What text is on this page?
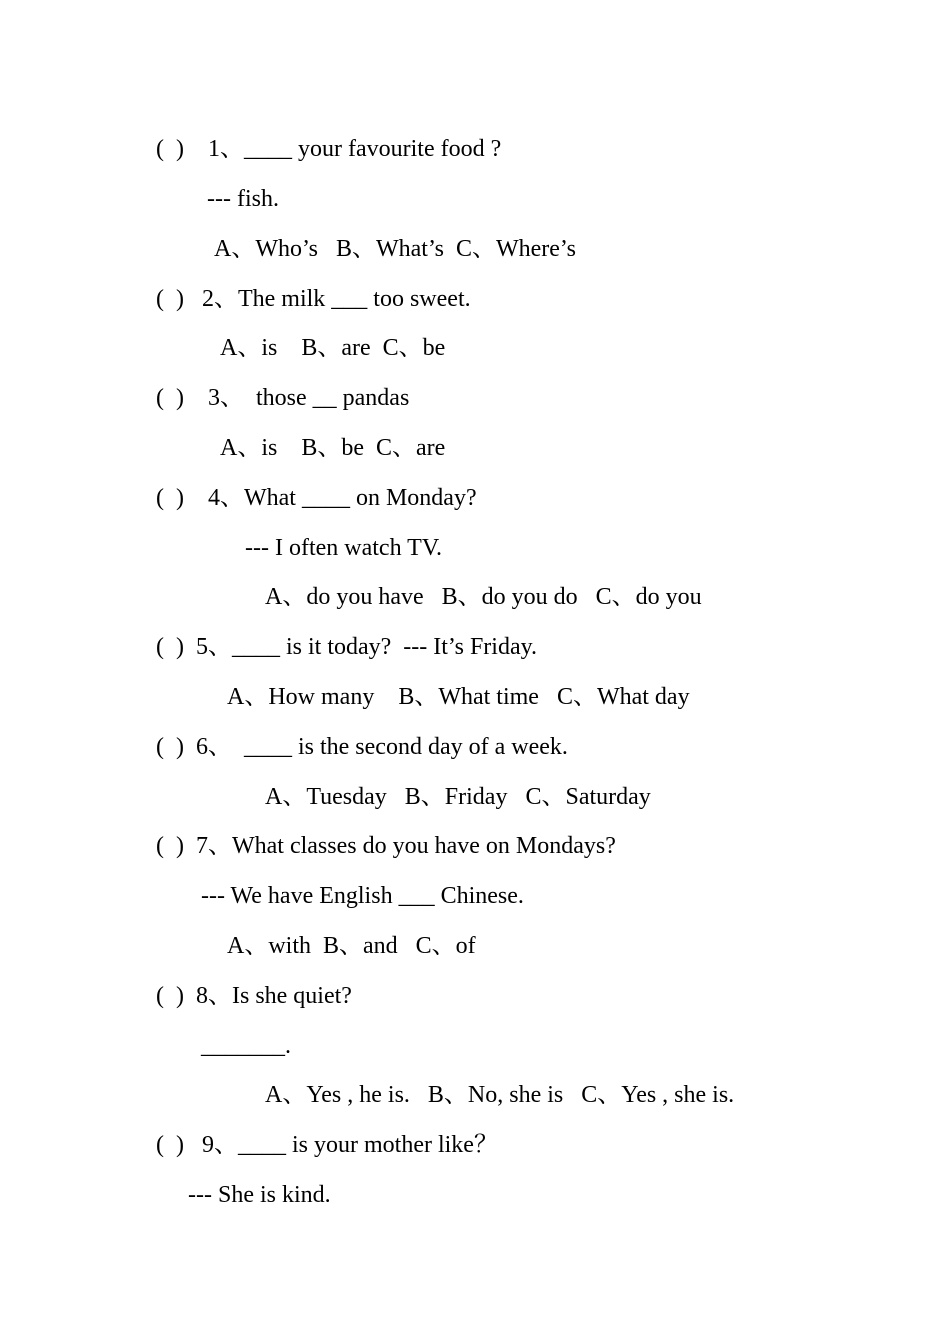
(  )    1、____ your favourite food ?
--- fish.
A、Who’s   B、What’s  C、Where’s
(  )   2、The milk ___ too sweet.
A、is    B、are  C、be
(  )    3、  those __ pandas
A、is    B、be  C、are
(  )    4、What ____ on Monday?
--- I often watch TV.
A、do you have   B、do you do   C、do you
(  )  5、____ is it today?  --- It’s Friday.
A、How many    B、What time   C、What day
(  )  6、  ____ is the second day of a week.
A、Tuesday   B、Friday   C、Saturday
(  )  7、What classes do you have on Mondays?
--- We have English ___ Chinese.
A、with  B、and   C、of
(  )  8、Is she quiet?
_______.
A、Yes , he is.   B、No, she is   C、Yes , she is.
(  )   9、____ is your mother like？
--- She is kind.
